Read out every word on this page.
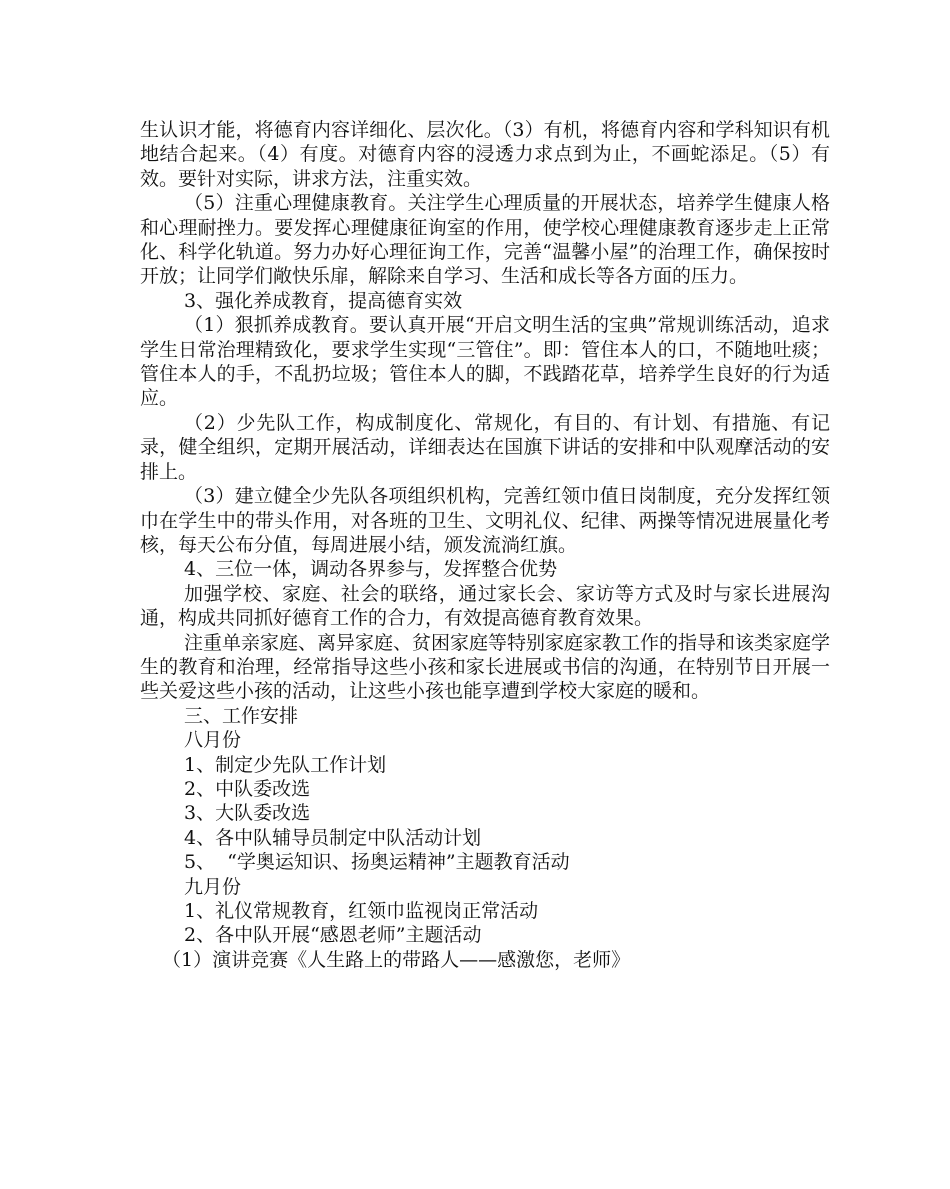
生认识才能，将德育内容详细化、层次化。（3）有机，将德育内容和学科知识有机地结合起来。（4）有度。对德育内容的浸透力求点到为止，不画蛇添足。（5）有效。要针对实际，讲求方法，注重实效。

（5）注重心理健康教育。关注学生心理质量的开展状态，培养学生健康人格和心理耐挫力。要发挥心理健康征询室的作用，使学校心理健康教育逐步走上正常化、科学化轨道。努力办好心理征询工作，完善“温馨小屋”的治理工作，确保按时开放；让同学们敞快乐扉，解除来自学习、生活和成长等各方面的压力。

3、强化养成教育，提高德育实效

（1）狠抓养成教育。要认真开展“开启文明生活的宝典”常规训练活动，追求学生日常治理精致化，要求学生实现“三管住”。即：管住本人的口，不随地吐痰；管住本人的手，不乱扔垃圾；管住本人的脚，不践踏花草，培养学生良好的行为适应。

（2）少先队工作，构成制度化、常规化，有目的、有计划、有措施、有记录，健全组织，定期开展活动，详细表达在国旗下讲话的安排和中队观摩活动的安排上。

（3）建立健全少先队各项组织机构，完善红领巾值日岗制度，充分发挥红领巾在学生中的带头作用，对各班的卫生、文明礼仪、纪律、两操等情况进展量化考核，每天公布分值，每周进展小结，颁发流淌红旗。

4、三位一体，调动各界参与，发挥整合优势

加强学校、家庭、社会的联络，通过家长会、家访等方式及时与家长进展沟通，构成共同抓好德育工作的合力，有效提高德育教育效果。

注重单亲家庭、离异家庭、贫困家庭等特别家庭家教工作的指导和该类家庭学生的教育和治理，经常指导这些小孩和家长进展或书信的沟通，在特别节日开展一些关爱这些小孩的活动，让这些小孩也能享遭到学校大家庭的暖和。

三、工作安排

八月份

1、制定少先队工作计划

2、中队委改选

3、大队委改选

4、各中队辅导员制定中队活动计划

5、  “学奥运知识、扬奥运精神”主题教育活动

九月份

1、礼仪常规教育，红领巾监视岗正常活动

2、各中队开展“感恩老师”主题活动

（1）演讲竞赛《人生路上的带路人——感激您，老师》
